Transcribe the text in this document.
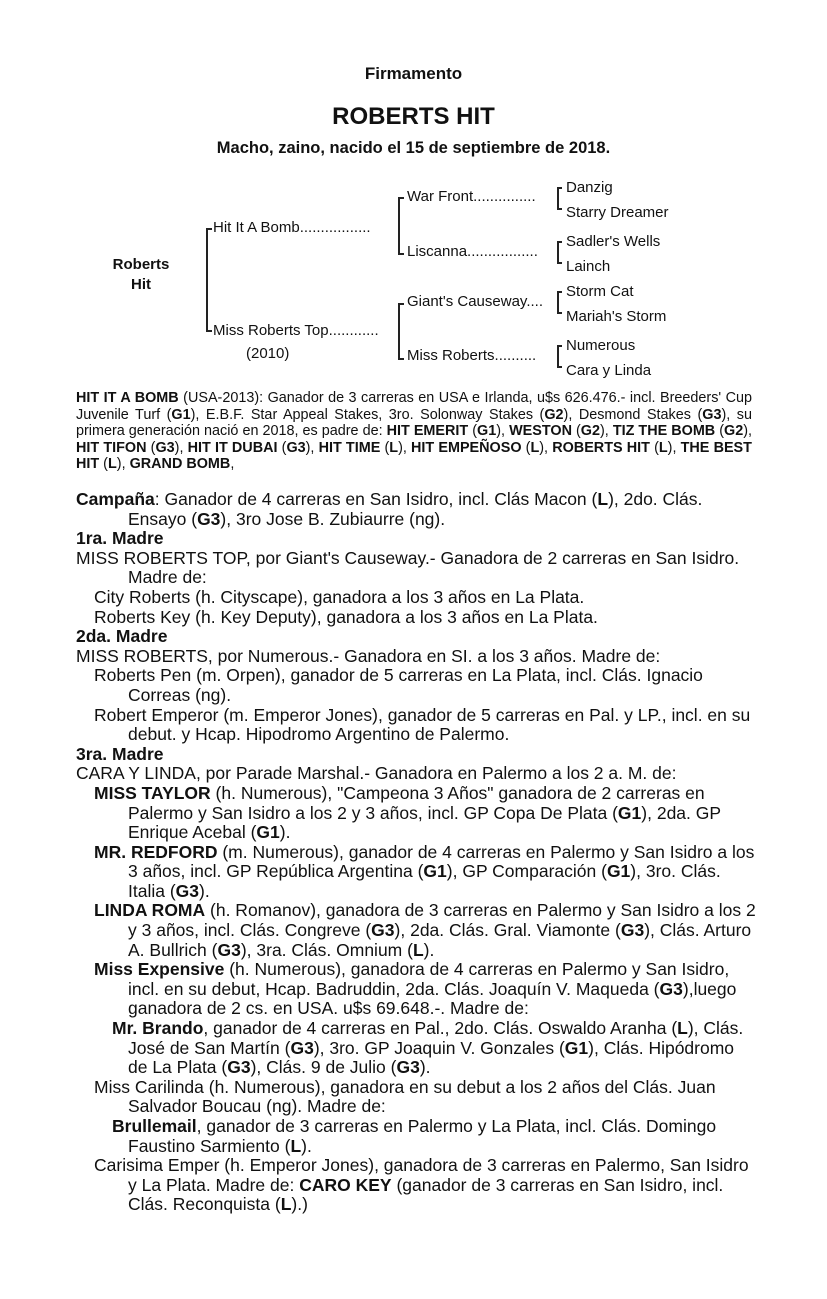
Firmamento
ROBERTS HIT
Macho, zaino, nacido el 15 de septiembre de 2018.
Roberts
Hit
Hit It A Bomb.................
Miss Roberts Top............
(2010)
War Front...............
Liscanna.................
Giant's Causeway....
Miss Roberts..........
Danzig
Starry Dreamer
Sadler's Wells
Lainch
Storm Cat
Mariah's Storm
Numerous
Cara y Linda
HIT IT A BOMB (USA-2013): Ganador de 3 carreras en USA e Irlanda, u$s 626.476.- incl. Breeders' Cup Juvenile Turf (G1), E.B.F. Star Appeal Stakes, 3ro. Solonway Stakes (G2), Desmond Stakes (G3), su primera generación nació en 2018, es padre de: HIT EMERIT (G1), WESTON (G2), TIZ THE BOMB (G2), HIT TIFON (G3), HIT IT DUBAI (G3), HIT TIME (L), HIT EMPEÑOSO (L), ROBERTS HIT (L), THE BEST HIT (L), GRAND BOMB,

Campaña: Ganador de 4 carreras en San Isidro, incl. Clás Macon (L), 2do. Clás. Ensayo (G3), 3ro Jose B. Zubiaurre (ng).

1ra. Madre

MISS ROBERTS TOP, por Giant's Causeway.- Ganadora de 2 carreras en San Isidro. Madre de:

City Roberts (h. Cityscape), ganadora a los 3 años en La Plata.

Roberts Key (h. Key Deputy), ganadora a los 3 años en La Plata.

2da. Madre

MISS ROBERTS, por Numerous.- Ganadora en SI. a los 3 años. Madre de:

Roberts Pen (m. Orpen), ganador de 5 carreras en La Plata, incl. Clás. Ignacio Correas (ng).

Robert Emperor (m. Emperor Jones), ganador de 5 carreras en Pal. y LP., incl. en su debut. y Hcap. Hipodromo Argentino de Palermo.

3ra. Madre

CARA Y LINDA, por Parade Marshal.- Ganadora en Palermo a los 2 a. M. de:

MISS TAYLOR (h. Numerous), "Campeona 3 Años" ganadora de 2 carreras en Palermo y San Isidro a los 2 y 3 años, incl. GP Copa De Plata (G1), 2da. GP Enrique Acebal (G1).

MR. REDFORD (m. Numerous), ganador de 4 carreras en Palermo y San Isidro a los 3 años, incl. GP República Argentina (G1), GP Comparación (G1), 3ro. Clás. Italia (G3).

LINDA ROMA (h. Romanov), ganadora de 3 carreras en Palermo y San Isidro a los 2 y 3 años, incl. Clás. Congreve (G3), 2da. Clás. Gral. Viamonte (G3), Clás. Arturo A. Bullrich (G3), 3ra. Clás. Omnium (L).

Miss Expensive (h. Numerous), ganadora de 4 carreras en Palermo y San Isidro, incl. en su debut, Hcap. Badruddin, 2da. Clás. Joaquín V. Maqueda (G3),luego ganadora de 2 cs. en USA. u$s 69.648.-. Madre de:

Mr. Brando, ganador de 4 carreras en Pal., 2do. Clás. Oswaldo Aranha (L), Clás. José de San Martín (G3), 3ro. GP Joaquin V. Gonzales (G1), Clás. Hipódromo de La Plata (G3), Clás. 9 de Julio (G3).

Miss Carilinda (h. Numerous), ganadora en su debut a los 2 años del Clás. Juan Salvador Boucau (ng). Madre de:

Brullemail, ganador de 3 carreras en Palermo y La Plata, incl. Clás. Domingo Faustino Sarmiento (L).

Carisima Emper (h. Emperor Jones), ganadora de 3 carreras en Palermo, San Isidro y La Plata. Madre de: CARO KEY (ganador de 3 carreras en San Isidro, incl. Clás. Reconquista (L).)
